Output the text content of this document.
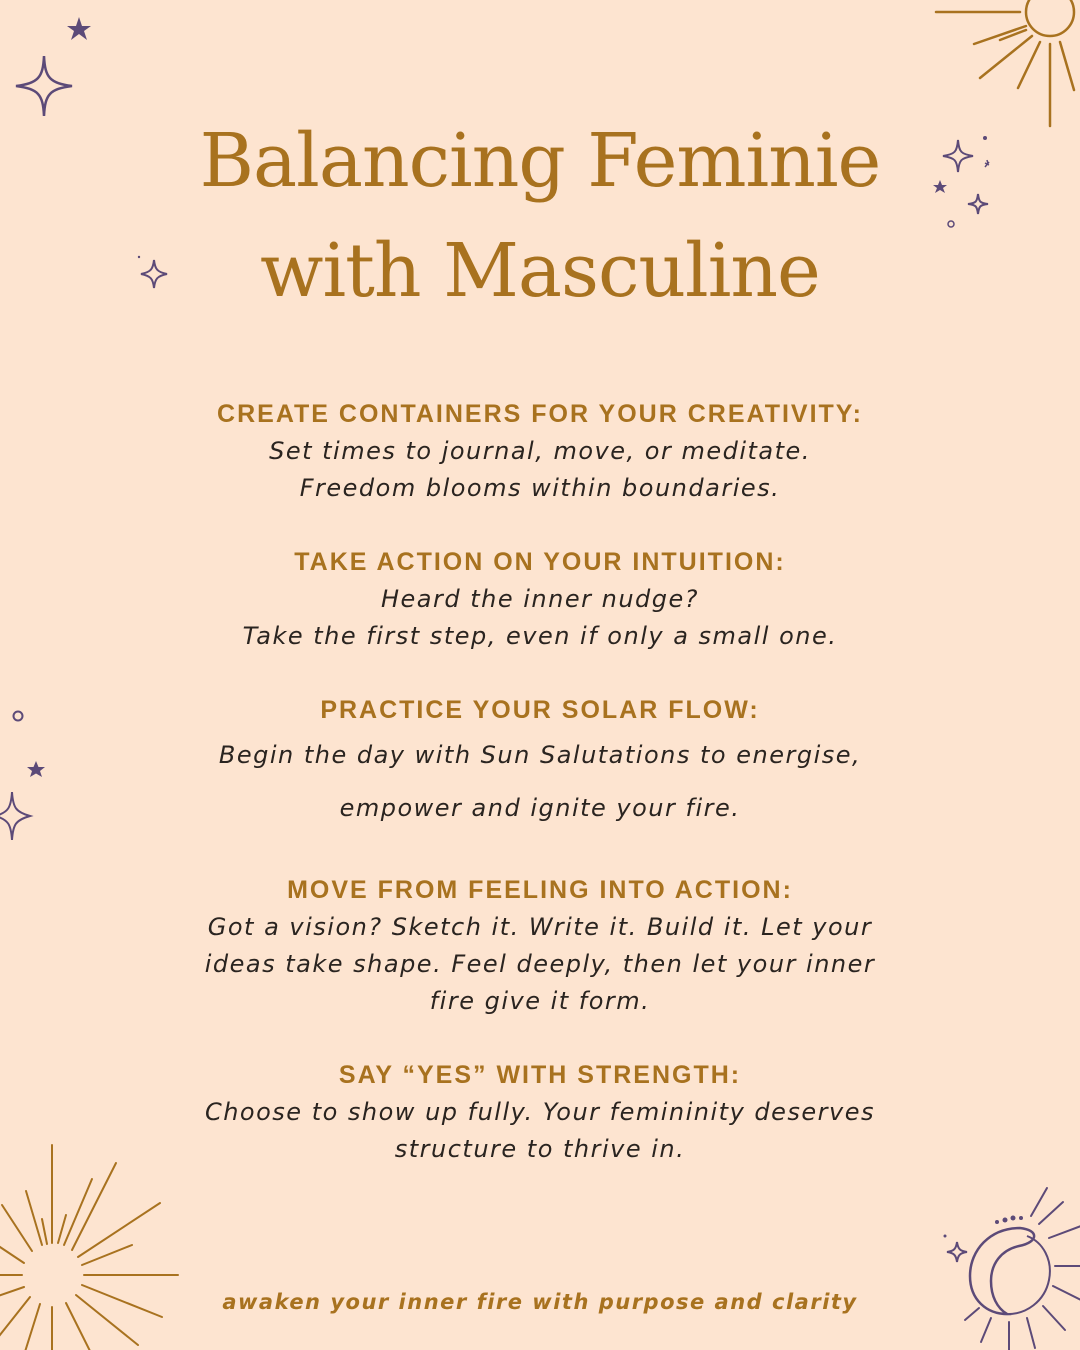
Balancing Feminie
with Masculine

CREATE CONTAINERS FOR YOUR CREATIVITY:

Set times to journal, move, or meditate.

Freedom blooms within boundaries.

TAKE ACTION ON YOUR INTUITION:

Heard the inner nudge?

Take the first step, even if only a small one.

PRACTICE YOUR SOLAR FLOW:

Begin the day with Sun Salutations to energise,

empower and ignite your fire.

MOVE FROM FEELING INTO ACTION:

Got a vision? Sketch it. Write it. Build it. Let your

ideas take shape. Feel deeply, then let your inner

fire give it form.

SAY “YES” WITH STRENGTH:

Choose to show up fully. Your femininity deserves

structure to thrive in.

awaken your inner fire with purpose and clarity
